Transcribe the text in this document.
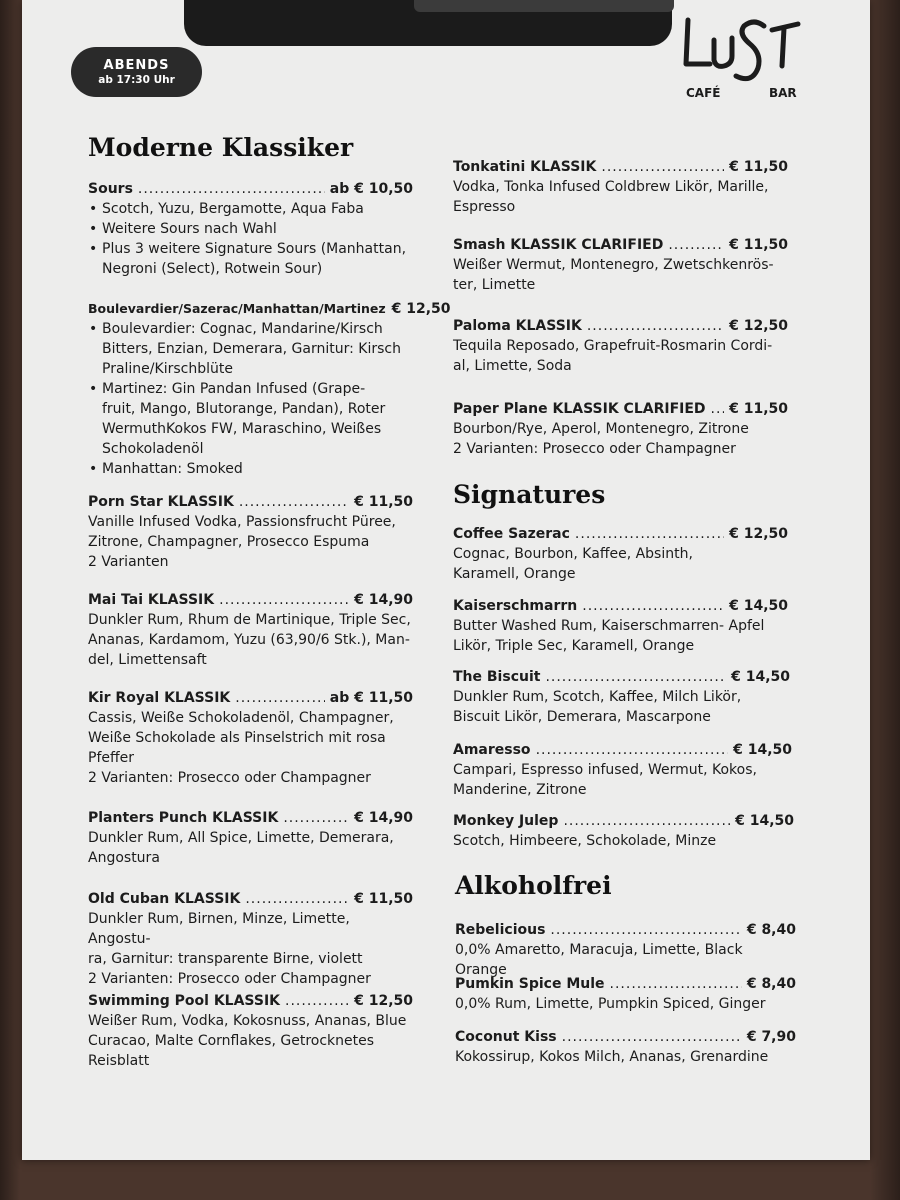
ABENDS
ab 17:30 Uhr
CAFÉ	BAR
Moderne Klassiker
Signatures
Alkoholfrei
Sours .....	ab € 10,50
• Scotch, Yuzu, Bergamotte, Aqua Faba
• Weitere Sours nach Wahl
• Plus 3 weitere Signature Sours (Manhattan,
Negroni (Select), Rotwein Sour)
Boulevardier/Sazerac/Manhattan/Martinez € 12,50
• Boulevardier: Cognac, Mandarine/Kirsch
Bitters, Enzian, Demerara, Garnitur: Kirsch
Praline/Kirschblüte
• Martinez: Gin Pandan Infused (Grape-
fruit, Mango, Blutorange, Pandan), Roter
WermuthKokos FW, Maraschino, Weißes
Schokoladenöl
• Manhattan: Smoked
Porn Star KLASSIK .....	€ 11,50
Vanille Infused Vodka, Passionsfrucht Püree,
Zitrone, Champagner, Prosecco Espuma
2 Varianten
Mai Tai KLASSIK .....	€ 14,90
Dunkler Rum, Rhum de Martinique, Triple Sec,
Ananas, Kardamom, Yuzu (63,90/6 Stk.), Man-
del, Limettensaft
Kir Royal KLASSIK .....	ab € 11,50
Cassis, Weiße Schokoladenöl, Champagner,
Weiße Schokolade als Pinselstrich mit rosa
Pfeffer
2 Varianten: Prosecco oder Champagner
Planters Punch KLASSIK .....	€ 14,90
Dunkler Rum, All Spice, Limette, Demerara,
Angostura
Old Cuban KLASSIK .....	€ 11,50
Dunkler Rum, Birnen, Minze, Limette, Angostu-
ra, Garnitur: transparente Birne, violett
2 Varianten: Prosecco oder Champagner
Swimming Pool KLASSIK .....	€ 12,50
Weißer Rum, Vodka, Kokosnuss, Ananas, Blue
Curacao, Malte Cornflakes, Getrocknetes
Reisblatt
Tonkatini KLASSIK .....	€ 11,50
Vodka, Tonka Infused Coldbrew Likör, Marille,
Espresso
Smash KLASSIK CLARIFIED .....	€ 11,50
Weißer Wermut, Montenegro, Zwetschkenrös-
ter, Limette
Paloma KLASSIK .....	€ 12,50
Tequila Reposado, Grapefruit-Rosmarin Cordi-
al, Limette, Soda
Paper Plane KLASSIK CLARIFIED ..... € 11,50
Bourbon/Rye, Aperol, Montenegro, Zitrone
2 Varianten: Prosecco oder Champagner
Coffee Sazerac .....	€ 12,50
Cognac, Bourbon, Kaffee, Absinth,
Karamell, Orange
Kaiserschmarrn .....	€ 14,50
Butter Washed Rum, Kaiserschmarren- Apfel
Likör, Triple Sec, Karamell, Orange
The Biscuit .....	€ 14,50
Dunkler Rum, Scotch, Kaffee, Milch Likör,
Biscuit Likör, Demerara, Mascarpone
Amaresso .....	€ 14,50
Campari, Espresso infused, Wermut, Kokos,
Manderine, Zitrone
Monkey Julep .....	€ 14,50
Scotch, Himbeere, Schokolade, Minze
Rebelicious .....	€ 8,40
0,0% Amaretto, Maracuja, Limette, Black Orange
Pumkin Spice Mule .....	€ 8,40
0,0% Rum, Limette, Pumpkin Spiced, Ginger
Coconut Kiss .....	€ 7,90
Kokossirup, Kokos Milch, Ananas, Grenardine
